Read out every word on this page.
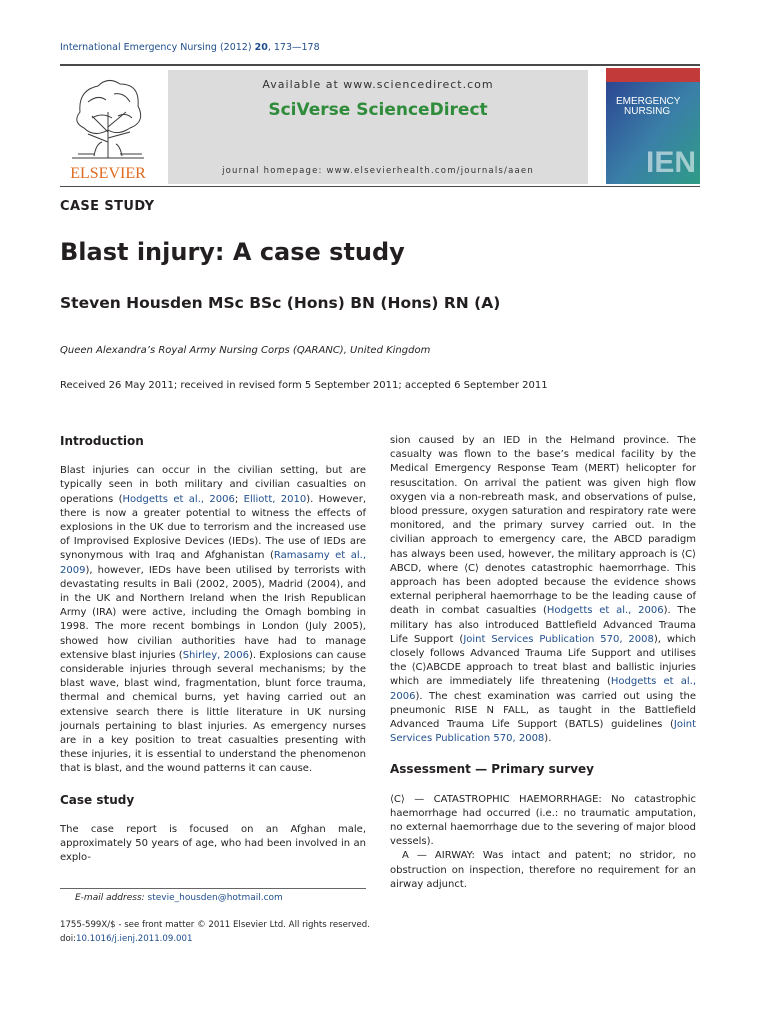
International Emergency Nursing (2012) 20, 173—178
ELSEVIER
Available at www.sciencedirect.com
SciVerse ScienceDirect
journal homepage: www.elsevierhealth.com/journals/aaen
EMERGENCY
NURSING
IEN
CASE STUDY
Blast injury: A case study
Steven Housden MSc BSc (Hons) BN (Hons) RN (A)
Queen Alexandra’s Royal Army Nursing Corps (QARANC), United Kingdom
Received 26 May 2011; received in revised form 5 September 2011; accepted 6 September 2011
Introduction

Blast injuries can occur in the civilian setting, but are typically seen in both military and civilian casualties on operations (Hodgetts et al., 2006; Elliott, 2010). However, there is now a greater potential to witness the effects of explosions in the UK due to terrorism and the increased use of Improvised Explosive Devices (IEDs). The use of IEDs are synonymous with Iraq and Afghanistan (Ramasamy et al., 2009), however, IEDs have been utilised by terrorists with devastating results in Bali (2002, 2005), Madrid (2004), and in the UK and Northern Ireland when the Irish Republican Army (IRA) were active, including the Omagh bombing in 1998. The more recent bombings in London (July 2005), showed how civilian authorities have had to manage extensive blast injuries (Shirley, 2006). Explosions can cause considerable injuries through several mechanisms; by the blast wave, blast wind, fragmentation, blunt force trauma, thermal and chemical burns, yet having carried out an extensive search there is little literature in UK nursing journals pertaining to blast injuries. As emergency nurses are in a key position to treat casualties presenting with these injuries, it is essential to understand the phenomenon that is blast, and the wound patterns it can cause.

Case study

The case report is focused on an Afghan male, approximately 50 years of age, who had been involved in an explo-

sion caused by an IED in the Helmand province. The casualty was flown to the base’s medical facility by the Medical Emergency Response Team (MERT) helicopter for resuscitation. On arrival the patient was given high flow oxygen via a non-rebreath mask, and observations of pulse, blood pressure, oxygen saturation and respiratory rate were monitored, and the primary survey carried out. In the civilian approach to emergency care, the ABCD paradigm has always been used, however, the military approach is ⟨C⟩ABCD, where ⟨C⟩ denotes catastrophic haemorrhage. This approach has been adopted because the evidence shows external peripheral haemorrhage to be the leading cause of death in combat casualties (Hodgetts et al., 2006). The military has also introduced Battlefield Advanced Trauma Life Support (Joint Services Publication 570, 2008), which closely follows Advanced Trauma Life Support and utilises the ⟨C⟩ABCDE approach to treat blast and ballistic injuries which are immediately life threatening (Hodgetts et al., 2006). The chest examination was carried out using the pneumonic RISE N FALL, as taught in the Battlefield Advanced Trauma Life Support (BATLS) guidelines (Joint Services Publication 570, 2008).

Assessment — Primary survey

⟨C⟩ — CATASTROPHIC HAEMORRHAGE: No catastrophic haemorrhage had occurred (i.e.: no traumatic amputation, no external haemorrhage due to the severing of major blood vessels).

A — AIRWAY: Was intact and patent; no stridor, no obstruction on inspection, therefore no requirement for an airway adjunct.

E-mail address: stevie_housden@hotmail.com
1755-599X/$ - see front matter © 2011 Elsevier Ltd. All rights reserved.
doi:10.1016/j.ienj.2011.09.001
